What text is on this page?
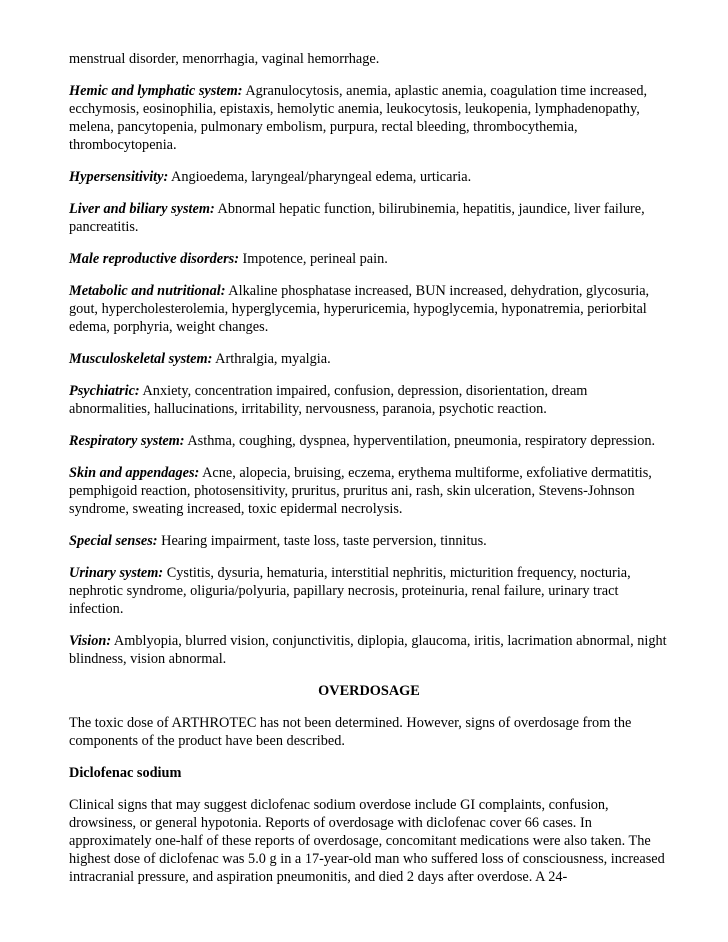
menstrual disorder, menorrhagia, vaginal hemorrhage.

Hemic and lymphatic system: Agranulocytosis, anemia, aplastic anemia, coagulation time increased, ecchymosis, eosinophilia, epistaxis, hemolytic anemia, leukocytosis, leukopenia, lymphadenopathy, melena, pancytopenia, pulmonary embolism, purpura, rectal bleeding, thrombocythemia, thrombocytopenia.

Hypersensitivity: Angioedema, laryngeal/pharyngeal edema, urticaria.

Liver and biliary system: Abnormal hepatic function, bilirubinemia, hepatitis, jaundice, liver failure, pancreatitis.

Male reproductive disorders: Impotence, perineal pain.

Metabolic and nutritional: Alkaline phosphatase increased, BUN increased, dehydration, glycosuria, gout, hypercholesterolemia, hyperglycemia, hyperuricemia, hypoglycemia, hyponatremia, periorbital edema, porphyria, weight changes.

Musculoskeletal system: Arthralgia, myalgia.

Psychiatric: Anxiety, concentration impaired, confusion, depression, disorientation, dream abnormalities, hallucinations, irritability, nervousness, paranoia, psychotic reaction.

Respiratory system: Asthma, coughing, dyspnea, hyperventilation, pneumonia, respiratory depression.

Skin and appendages: Acne, alopecia, bruising, eczema, erythema multiforme, exfoliative dermatitis, pemphigoid reaction, photosensitivity, pruritus, pruritus ani, rash, skin ulceration, Stevens-Johnson syndrome, sweating increased, toxic epidermal necrolysis.

Special senses: Hearing impairment, taste loss, taste perversion, tinnitus.

Urinary system: Cystitis, dysuria, hematuria, interstitial nephritis, micturition frequency, nocturia, nephrotic syndrome, oliguria/polyuria, papillary necrosis, proteinuria, renal failure, urinary tract infection.

Vision: Amblyopia, blurred vision, conjunctivitis, diplopia, glaucoma, iritis, lacrimation abnormal, night blindness, vision abnormal.

OVERDOSAGE

The toxic dose of ARTHROTEC has not been determined. However, signs of overdosage from the components of the product have been described.

Diclofenac sodium

Clinical signs that may suggest diclofenac sodium overdose include GI complaints, confusion, drowsiness, or general hypotonia. Reports of overdosage with diclofenac cover 66 cases. In approximately one-half of these reports of overdosage, concomitant medications were also taken. The highest dose of diclofenac was 5.0 g in a 17-year-old man who suffered loss of consciousness, increased intracranial pressure, and aspiration pneumonitis, and died 2 days after overdose. A 24-
